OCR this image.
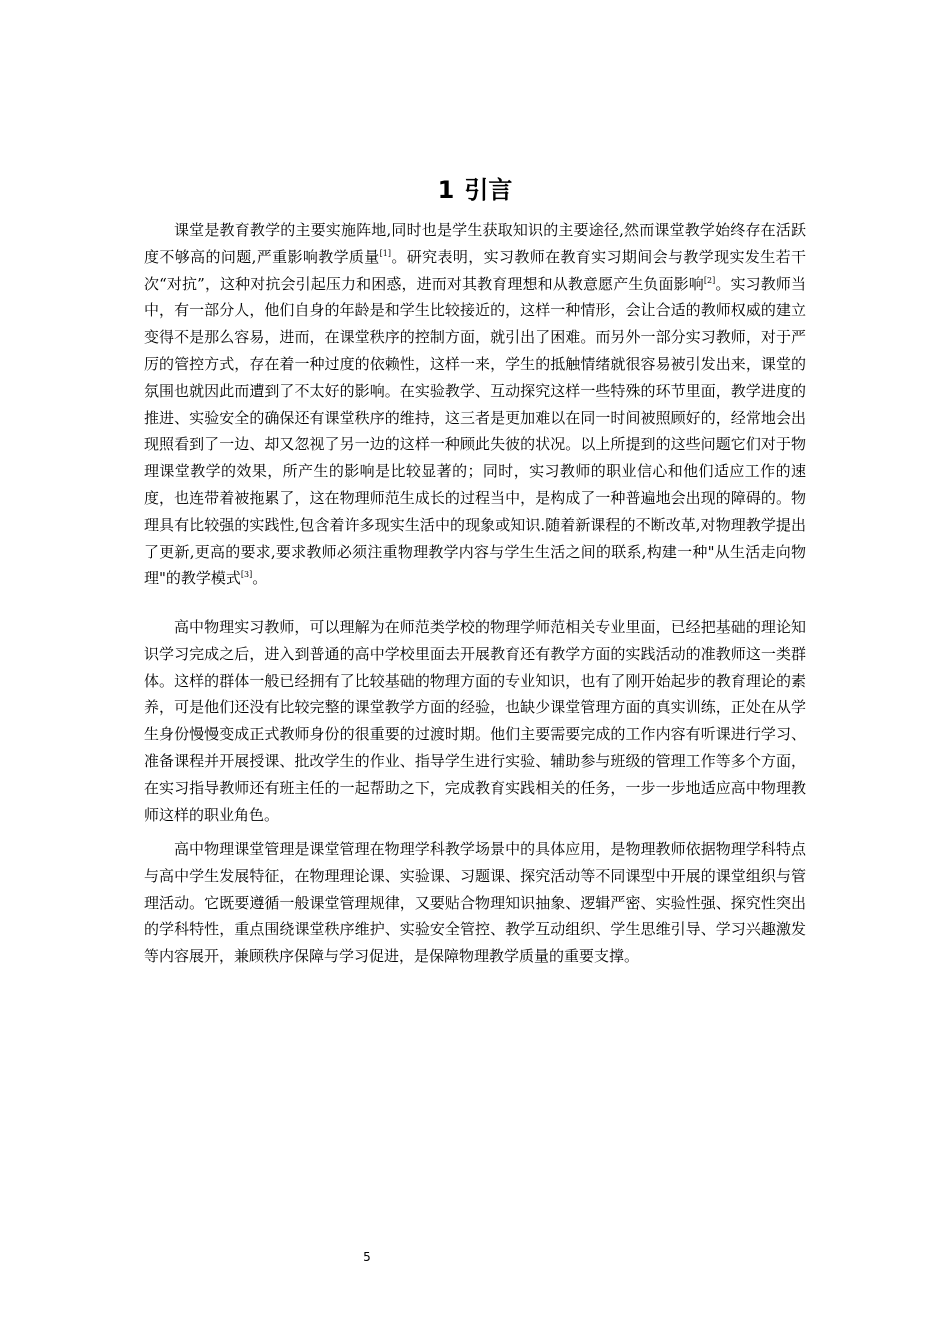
1 引言

课堂是教育教学的主要实施阵地,同时也是学生获取知识的主要途径,然而课堂教学始终存在活跃度不够高的问题,严重影响教学质量[1]。研究表明，实习教师在教育实习期间会与教学现实发生若干次“对抗”，这种对抗会引起压力和困惑，进而对其教育理想和从教意愿产生负面影响[2]。实习教师当中，有一部分人，他们自身的年龄是和学生比较接近的，这样一种情形，会让合适的教师权威的建立变得不是那么容易，进而，在课堂秩序的控制方面，就引出了困难。而另外一部分实习教师，对于严厉的管控方式，存在着一种过度的依赖性，这样一来，学生的抵触情绪就很容易被引发出来，课堂的氛围也就因此而遭到了不太好的影响。在实验教学、互动探究这样一些特殊的环节里面，教学进度的推进、实验安全的确保还有课堂秩序的维持，这三者是更加难以在同一时间被照顾好的，经常地会出现照看到了一边、却又忽视了另一边的这样一种顾此失彼的状况。以上所提到的这些问题它们对于物理课堂教学的效果，所产生的影响是比较显著的；同时，实习教师的职业信心和他们适应工作的速度，也连带着被拖累了，这在物理师范生成长的过程当中，是构成了一种普遍地会出现的障碍的。物理具有比较强的实践性,包含着许多现实生活中的现象或知识.随着新课程的不断改革,对物理教学提出了更新,更高的要求,要求教师必须注重物理教学内容与学生生活之间的联系,构建一种"从生活走向物理"的教学模式[3]。

高中物理实习教师，可以理解为在师范类学校的物理学师范相关专业里面，已经把基础的理论知识学习完成之后，进入到普通的高中学校里面去开展教育还有教学方面的实践活动的准教师这一类群体。这样的群体一般已经拥有了比较基础的物理方面的专业知识，也有了刚开始起步的教育理论的素养，可是他们还没有比较完整的课堂教学方面的经验，也缺少课堂管理方面的真实训练，正处在从学生身份慢慢变成正式教师身份的很重要的过渡时期。他们主要需要完成的工作内容有听课进行学习、准备课程并开展授课、批改学生的作业、指导学生进行实验、辅助参与班级的管理工作等多个方面，在实习指导教师还有班主任的一起帮助之下，完成教育实践相关的任务，一步一步地适应高中物理教师这样的职业角色。

高中物理课堂管理是课堂管理在物理学科教学场景中的具体应用，是物理教师依据物理学科特点与高中学生发展特征，在物理理论课、实验课、习题课、探究活动等不同课型中开展的课堂组织与管理活动。它既要遵循一般课堂管理规律，又要贴合物理知识抽象、逻辑严密、实验性强、探究性突出的学科特性，重点围绕课堂秩序维护、实验安全管控、教学互动组织、学生思维引导、学习兴趣激发等内容展开，兼顾秩序保障与学习促进，是保障物理教学质量的重要支撑。

5
